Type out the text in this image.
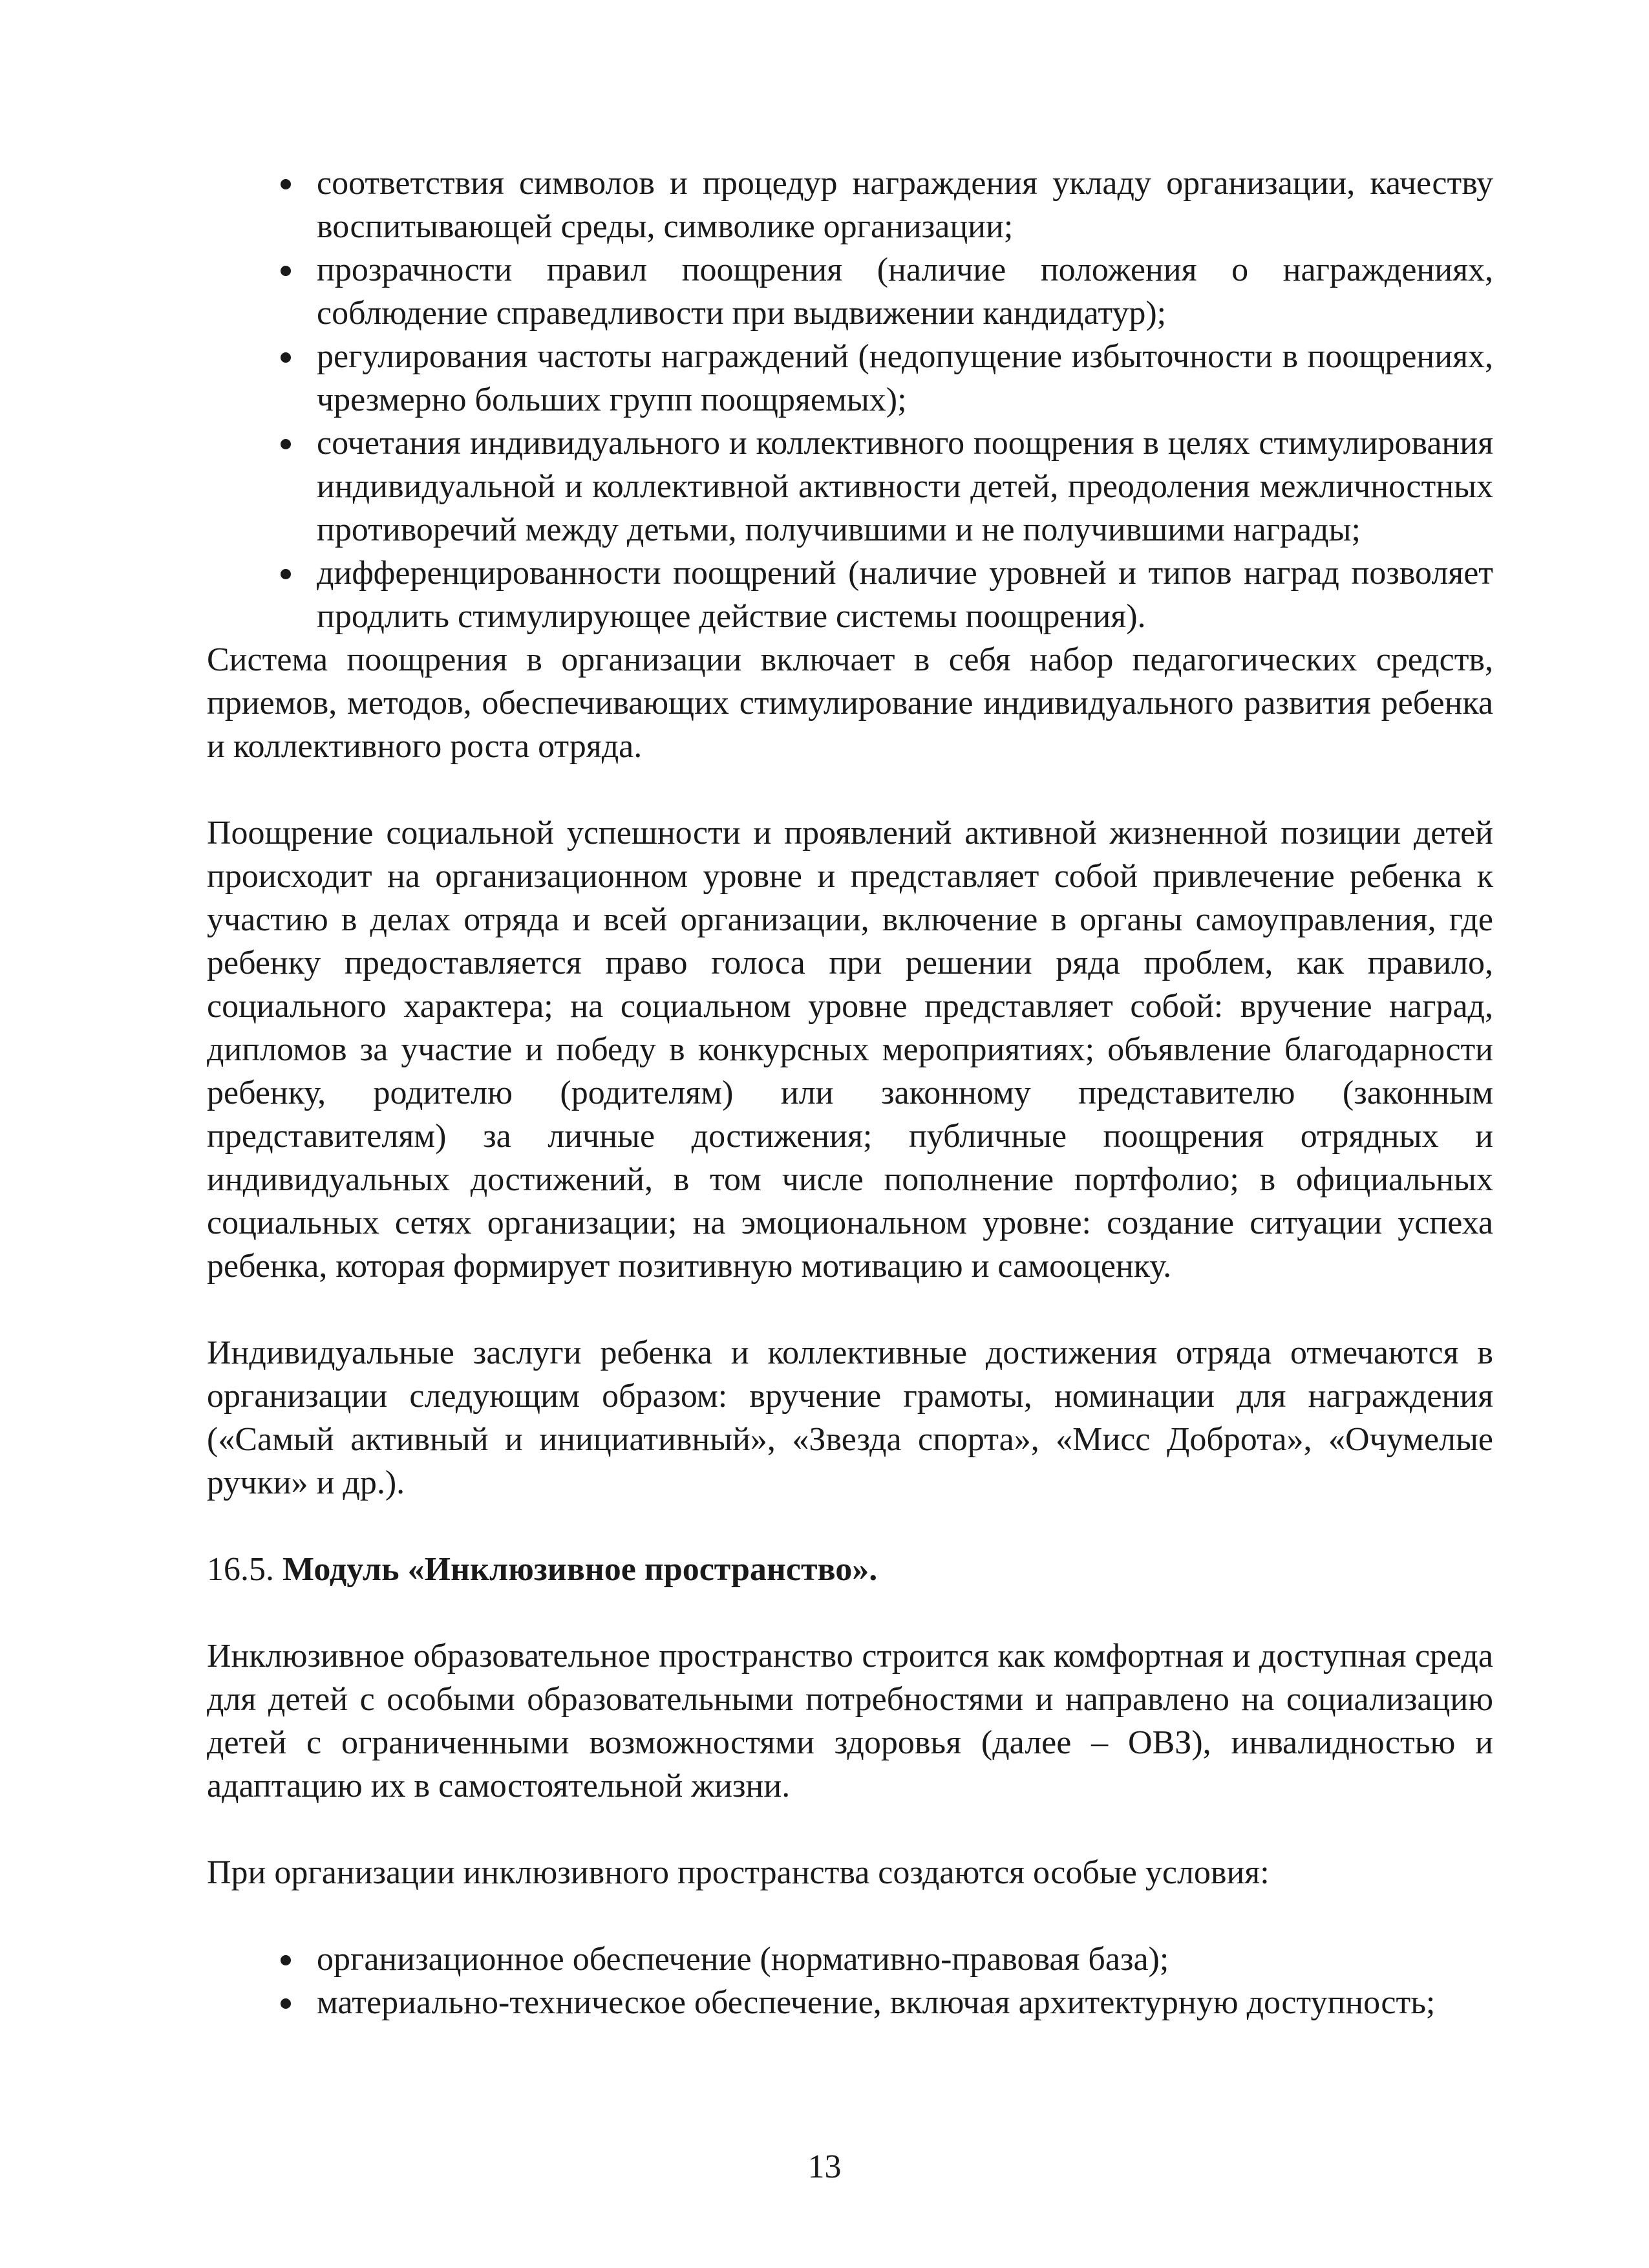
соответствия символов и процедур награждения укладу организации, качеству воспитывающей среды, символике организации;
прозрачности правил поощрения (наличие положения о награждениях, соблюдение справедливости при выдвижении кандидатур);
регулирования частоты награждений (недопущение избыточности в поощрениях, чрезмерно больших групп поощряемых);
сочетания индивидуального и коллективного поощрения в целях стимулирования индивидуальной и коллективной активности детей, преодоления межличностных противоречий между детьми, получившими и не получившими награды;
дифференцированности поощрений (наличие уровней и типов наград позволяет продлить стимулирующее действие системы поощрения).

Система поощрения в организации включает в себя набор педагогических средств, приемов, методов, обеспечивающих стимулирование индивидуального развития ребенка и коллективного роста отряда.

Поощрение социальной успешности и проявлений активной жизненной позиции детей происходит на организационном уровне и представляет собой привлечение ребенка к участию в делах отряда и всей организации, включение в органы самоуправления, где ребенку предоставляется право голоса при решении ряда проблем, как правило, социального характера; на социальном уровне представляет собой: вручение наград, дипломов за участие и победу в конкурсных мероприятиях; объявление благодарности ребенку, родителю (родителям) или законному представителю (законным представителям) за личные достижения; публичные поощрения отрядных и индивидуальных достижений, в том числе пополнение портфолио; в официальных социальных сетях организации; на эмоциональном уровне: создание ситуации успеха ребенка, которая формирует позитивную мотивацию и самооценку.

Индивидуальные заслуги ребенка и коллективные достижения отряда отмечаются в организации следующим образом: вручение грамоты, номинации для награждения («Самый активный и инициативный», «Звезда спорта», «Мисс Доброта», «Очумелые ручки» и др.).

16.5. Модуль «Инклюзивное пространство».

Инклюзивное образовательное пространство строится как комфортная и доступная среда для детей с особыми образовательными потребностями и направлено на социализацию детей с ограниченными возможностями здоровья (далее – ОВЗ), инвалидностью и адаптацию их в самостоятельной жизни.

При организации инклюзивного пространства создаются особые условия:

организационное обеспечение (нормативно-правовая база);
материально-техническое обеспечение, включая архитектурную доступность;
13
